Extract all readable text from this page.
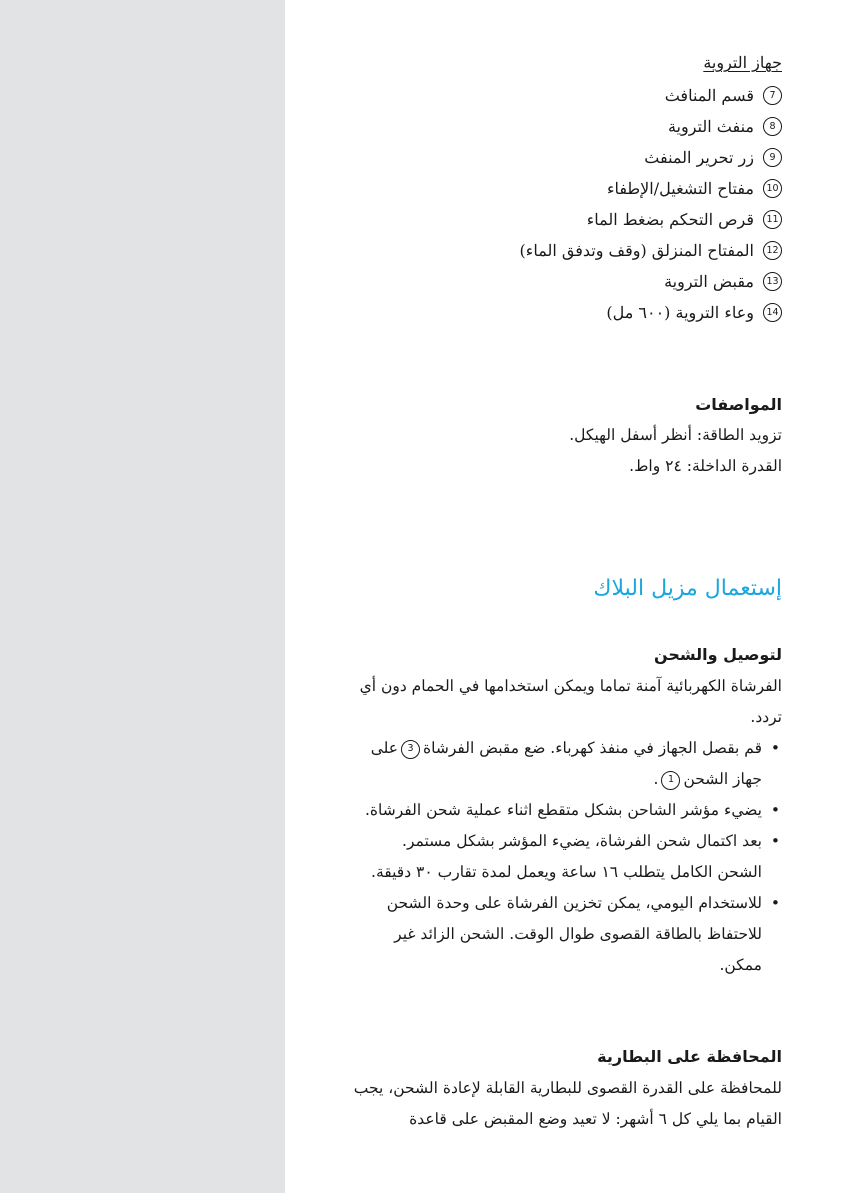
جهاز التروية
7
قسم المنافث
8
منفث التروية
9
زر تحرير المنفث
10
مفتاح التشغيل/الإطفاء
11
قرص التحكم بضغط الماء
12
المفتاح المنزلق (وقف وتدفق الماء)
13
مقبض التروية
14
وعاء التروية (٦٠٠ مل)
المواصفات
تزويد الطاقة: أنظر أسفل الهيكل.
القدرة الداخلة: ٢٤ واط.
إستعمال مزيل البلاك
لتوصيل والشحن

الفرشاة الكهربائية آمنة تماما ويمكن استخدامها في الحمام دون أي تردد.

•
قم بقصل الجهاز في منفذ كهرباء. ضع مقبض الفرشاة3على جهاز الشحن1.
•
يضيء مؤشر الشاحن بشكل متقطع اثناء عملية شحن الفرشاة.
•
بعد اكتمال شحن الفرشاة، يضيء المؤشر بشكل مستمر. الشحن الكامل يتطلب ١٦ ساعة ويعمل لمدة تقارب ٣٠ دقيقة.
•
للاستخدام اليومي، يمكن تخزين الفرشاة على وحدة الشحن للاحتفاظ بالطاقة القصوى طوال الوقت. الشحن الزائد غير ممكن.
المحافظة على البطارية

للمحافظة على القدرة القصوى للبطارية القابلة لإعادة الشحن، يجب القيام بما يلي كل ٦ أشهر: لا تعيد وضع المقبض على قاعدة
